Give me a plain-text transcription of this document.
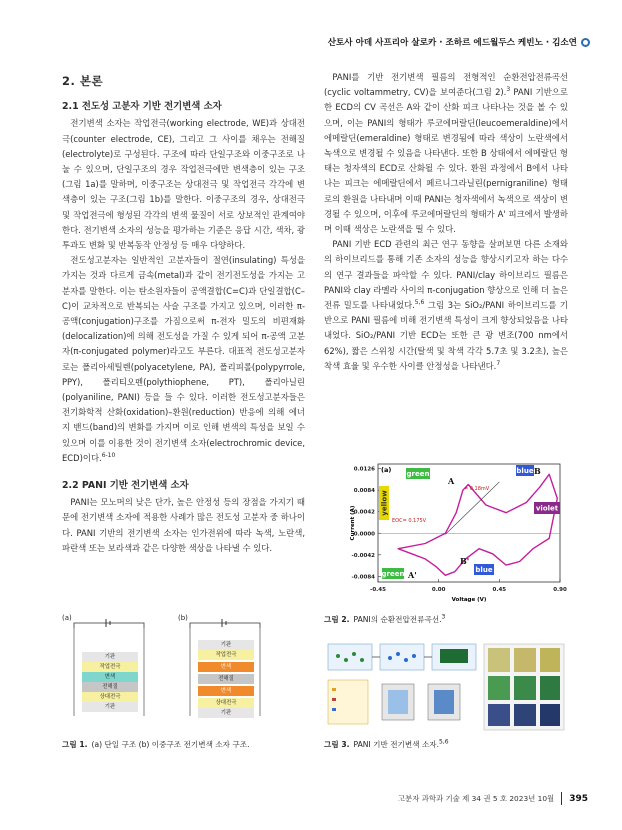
산토사 아데 사프리아 살로카 · 조하르 에드월두스 케빈노 · 김소연
2. 본론
2.1 전도성 고분자 기반 전기변색 소자

전기변색 소자는 작업전극(working electrode, WE)과 상대전극(counter electrode, CE), 그리고 그 사이를 채우는 전해질(electrolyte)로 구성된다. 구조에 따라 단일구조와 이중구조로 나눌 수 있으며, 단일구조의 경우 작업전극에만 변색층이 있는 구조(그림 1a)를 말하며, 이중구조는 상대전극 및 작업전극 각각에 변색층이 있는 구조(그림 1b)를 말한다. 이중구조의 경우, 상대전극 및 작업전극에 형성된 각각의 변색 물질이 서로 상보적인 관계여야 한다. 전기변색 소자의 성능을 평가하는 기준은 응답 시간, 색차, 광 투과도 변화 및 반복동작 안정성 등 매우 다양하다.

전도성고분자는 일반적인 고분자들이 절연(insulating) 특성을 가지는 것과 다르게 금속(metal)과 같이 전기전도성을 가지는 고분자를 말한다. 이는 탄소원자들이 공액결합(C=C)과 단일결합(C–C)이 교차적으로 반복되는 사슬 구조를 가지고 있으며, 이러한 π-공액(conjugation)구조를 가짐으로써 π-전자 밀도의 비편재화(delocalization)에 의해 전도성을 가질 수 있게 되어 π-공액 고분자(π-conjugated polymer)라고도 부른다. 대표적 전도성고분자로는 폴리아세틸렌(polyacetylene, PA), 폴리피롤(polypyrrole, PPY), 폴리티오펜(polythiophene, PT), 폴리아닐린(polyaniline, PANI) 등을 들 수 있다. 이러한 전도성고분자들은 전기화학적 산화(oxidation)–환원(reduction) 반응에 의해 에너지 밴드(band)의 변화를 가지며 이로 인해 변색의 특성을 보일 수 있으며 이를 이용한 것이 전기변색 소자(electrochromic device, ECD)이다.$^{6-10}$

2.2 PANI 기반 전기변색 소자

PANI는 모노머의 낮은 단가, 높은 안정성 등의 장점을 가지기 때문에 전기변색 소자에 적용한 사례가 많은 전도성 고분자 중 하나이다. PANI 기반의 전기변색 소자는 인가전위에 따라 녹색, 노란색, 파란색 또는 보라색과 같은 다양한 색상을 나타낼 수 있다.

PANI를 기반 전기변색 필름의 전형적인 순환전압전류곡선(cyclic voltammetry, CV)을 보여준다(그림 2).$^3$ PANI 기반으로 한 ECD의 CV 곡선은 A와 같이 산화 피크 나타나는 것을 볼 수 있으며, 이는 PANI의 형태가 루코에머랄딘(leucoemeraldine)에서 에메랄딘(emeraldine) 형태로 변경됨에 따라 색상이 노란색에서 녹색으로 변경될 수 있음을 나타낸다. 또한 B 상태에서 에메랄딘 형태는 청자색의 ECD로 산화될 수 있다. 환원 과정에서 B에서 나타나는 피크는 에메랄딘에서 페르니그라닐린(pernigraniline) 형태로의 환원을 나타내며 이때 PANI는 청자색에서 녹색으로 색상이 변경될 수 있으며, 이후에 루코에머랄딘의 형태가 A' 피크에서 발생하며 이때 색상은 노란색을 띨 수 있다.

PANI 기반 ECD 관련의 최근 연구 동향을 살펴보면 다른 소재와의 하이브리드를 통해 기존 소자의 성능을 향상시키고자 하는 다수의 연구 결과들을 파악할 수 있다. PANI/clay 하이브리드 필름은 PANI와 clay 라멜라 사이의 π-conjugation 향상으로 인해 더 높은 전류 밀도를 나타내었다.$^{5,6}$ 그림 3는 SiO₂/PANI 하이브리드를 기반으로 PANI 필름에 비해 전기변색 특성이 크게 향상되었음을 나타내었다. SiO₂/PANI 기반 ECD는 또한 큰 광 변조(700 nm에서 62%), 짧은 스위칭 시간(탈색 및 착색 각각 5.7초 및 3.2초), 높은 착색 효율 및 우수한 사이클 안정성을 나타낸다.$^7$

(a)	(b)
기판
작업전극
변색
전해질
상대전극
기판
기판
작업전극
변색
전해질
변색
상대전극
기판
그림 1. (a) 단일 구조 (b) 이중구조 전기변색 소자 구조.
0.0126
0.0084
0.0042
0.0000
-0.0042
-0.0084
-0.45	0.00	0.45	0.90
Voltage (V)
Current (A)
green	blue
yellow	violet
green	blue
A
B
A'
B'
EOC= 0.175V
= 0.18mV
(a)
그림 2. PANI의 순환전압전류곡선.$^3$
그림 3. PANI 기반 전기변색 소자.$^{5,6}$
고분자 과학과 기술 제 34 권 5 호 2023년 10월 395
